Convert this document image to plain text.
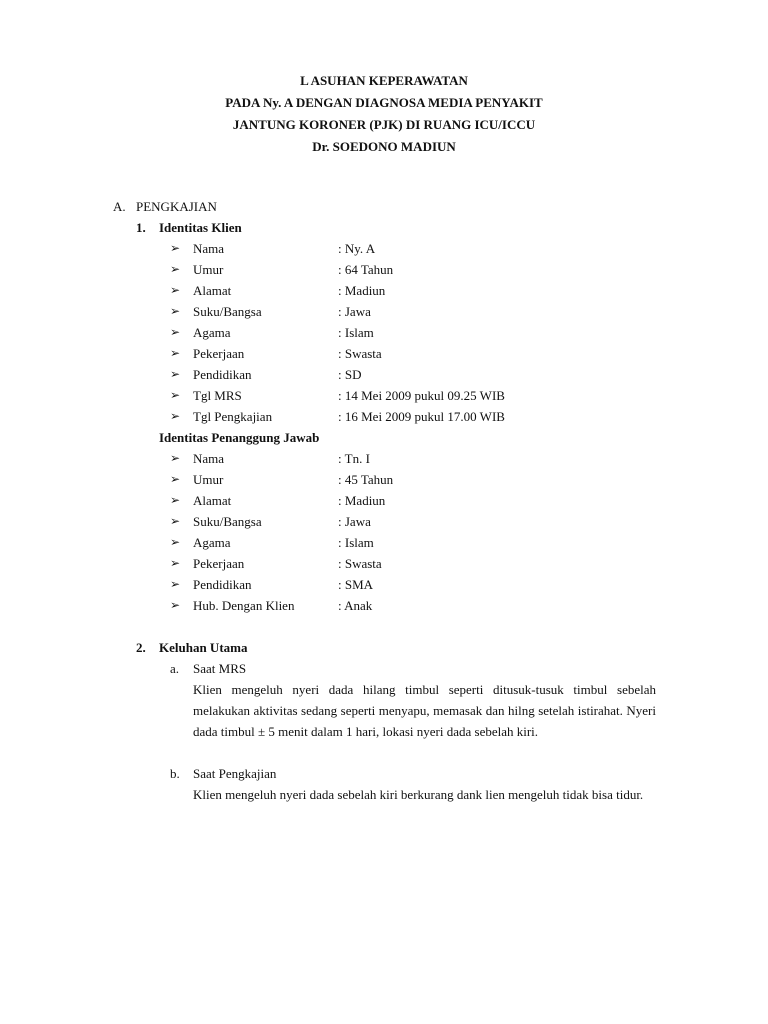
L ASUHAN KEPERAWATAN
PADA Ny. A DENGAN DIAGNOSA MEDIA PENYAKIT
JANTUNG KORONER (PJK) DI RUANG ICU/ICCU
Dr. SOEDONO MADIUN
A. PENGKAJIAN
1. Identitas Klien
➢ Nama	: Ny. A
➢ Umur	: 64 Tahun
➢ Alamat	: Madiun
➢ Suku/Bangsa	: Jawa
➢ Agama	: Islam
➢ Pekerjaan	: Swasta
➢ Pendidikan	: SD
➢ Tgl MRS	: 14 Mei 2009 pukul 09.25 WIB
➢ Tgl Pengkajian	: 16 Mei 2009 pukul 17.00 WIB
Identitas Penanggung Jawab
➢ Nama	: Tn. I
➢ Umur	: 45 Tahun
➢ Alamat	: Madiun
➢ Suku/Bangsa	: Jawa
➢ Agama	: Islam
➢ Pekerjaan	: Swasta
➢ Pendidikan	: SMA
➢ Hub. Dengan Klien	: Anak
2. Keluhan Utama
a. Saat MRS
Klien mengeluh nyeri dada hilang timbul seperti ditusuk-tusuk timbul sebelah melakukan aktivitas sedang seperti menyapu, memasak dan hilng setelah istirahat. Nyeri dada timbul ± 5 menit dalam 1 hari, lokasi nyeri dada sebelah kiri.
b. Saat Pengkajian
Klien mengeluh nyeri dada sebelah kiri berkurang dank lien mengeluh tidak bisa tidur.
